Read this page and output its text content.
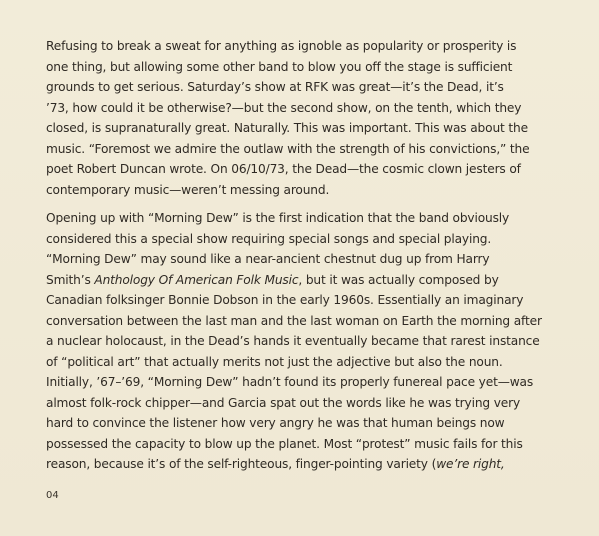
Refusing to break a sweat for anything as ignoble as popularity or prosperity is
one thing, but allowing some other band to blow you off the stage is sufficient
grounds to get serious. Saturday’s show at RFK was great—it’s the Dead, it’s
’73, how could it be otherwise?—but the second show, on the tenth, which they
closed, is supranaturally great. Naturally. This was important. This was about the
music. “Foremost we admire the outlaw with the strength of his convictions,” the
poet Robert Duncan wrote. On 06/10/73, the Dead—the cosmic clown jesters of
contemporary music—weren’t messing around.

Opening up with “Morning Dew” is the first indication that the band obviously
considered this a special show requiring special songs and special playing.
“Morning Dew” may sound like a near-ancient chestnut dug up from Harry
Smith’s Anthology Of American Folk Music, but it was actually composed by
Canadian folksinger Bonnie Dobson in the early 1960s. Essentially an imaginary
conversation between the last man and the last woman on Earth the morning after
a nuclear holocaust, in the Dead’s hands it eventually became that rarest instance
of “political art” that actually merits not just the adjective but also the noun.
Initially, ’67–’69, “Morning Dew” hadn’t found its properly funereal pace yet—was
almost folk-rock chipper—and Garcia spat out the words like he was trying very
hard to convince the listener how very angry he was that human beings now
possessed the capacity to blow up the planet. Most “protest” music fails for this
reason, because it’s of the self-righteous, finger-pointing variety (we’re right,

04
